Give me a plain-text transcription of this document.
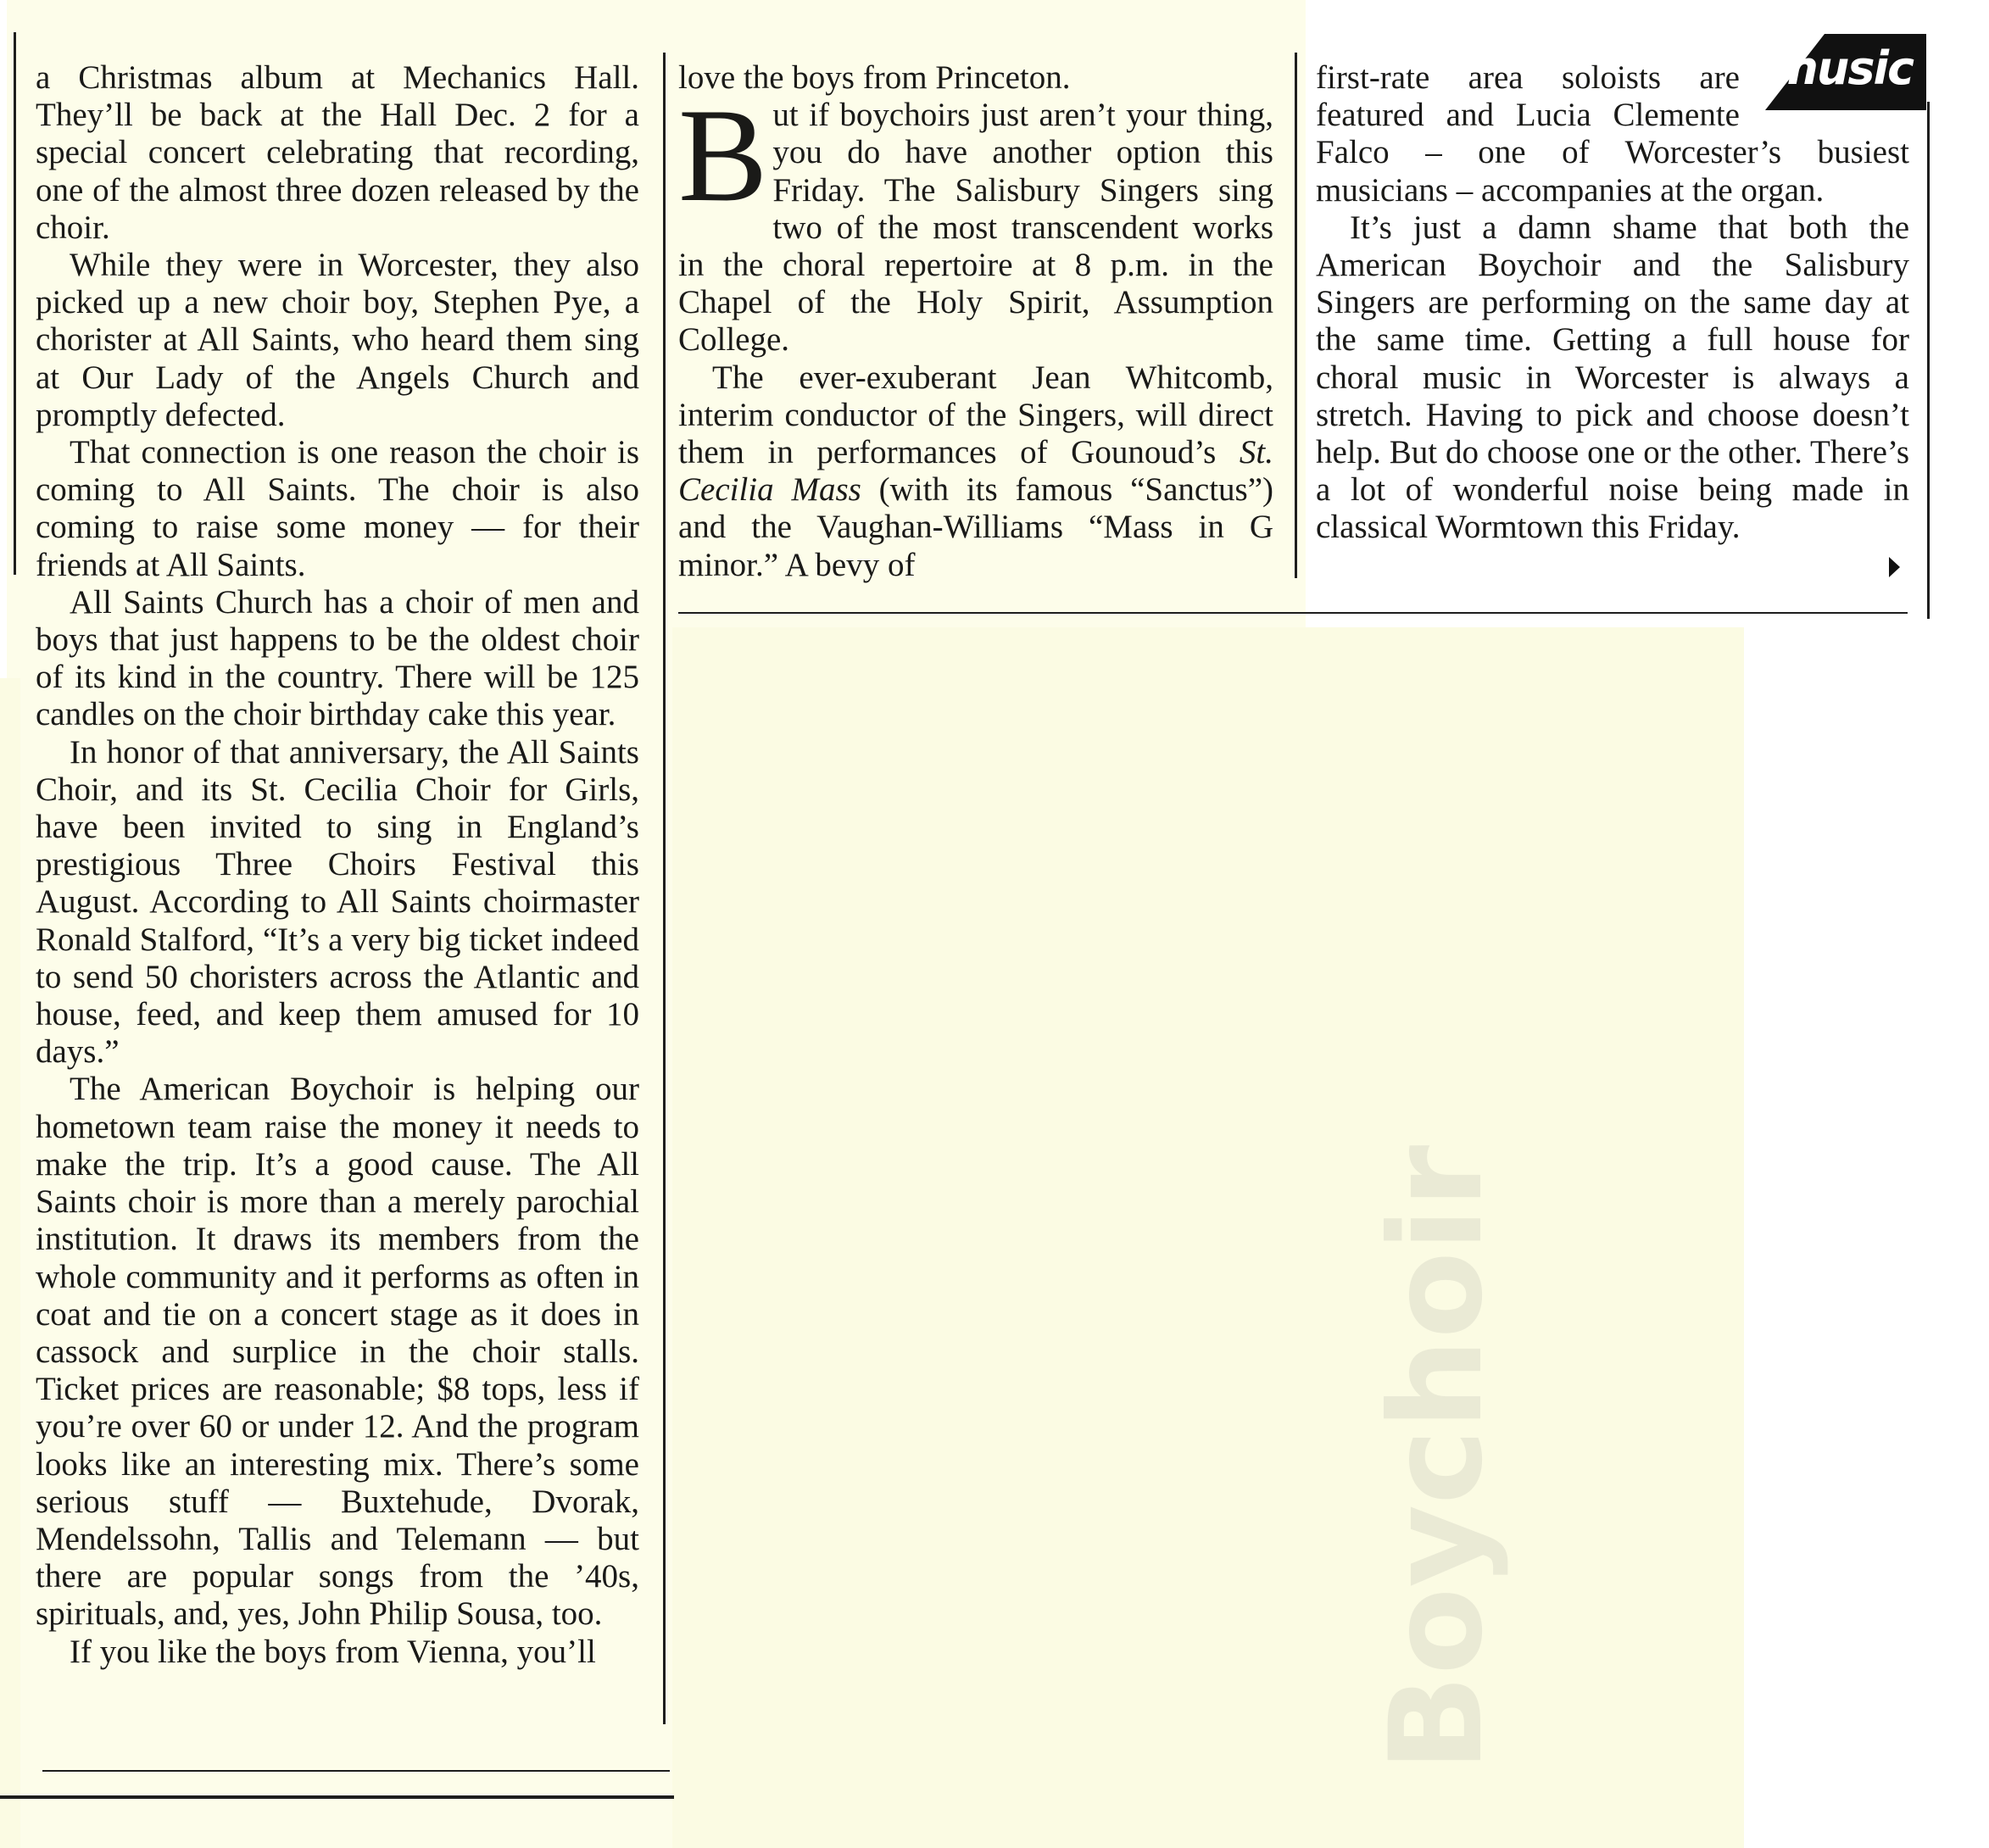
Boychoir
music

a Christmas album at Mechanics Hall. They’ll be back at the Hall Dec. 2 for a special concert celebrating that recording, one of the almost three dozen released by the choir.

While they were in Worcester, they also picked up a new choir boy, Stephen Pye, a chorister at All Saints, who heard them sing at Our Lady of the Angels Church and promptly defected.

That connection is one reason the choir is coming to All Saints. The choir is also coming to raise some money — for their friends at All Saints.

All Saints Church has a choir of men and boys that just happens to be the oldest choir of its kind in the country. There will be 125 candles on the choir birthday cake this year.

In honor of that anniversary, the All Saints Choir, and its St. Cecilia Choir for Girls, have been invited to sing in England’s prestigious Three Choirs Festival this August. According to All Saints choirmaster Ronald Stalford, “It’s a very big ticket indeed to send 50 choristers across the Atlantic and house, feed, and keep them amused for 10 days.”

The American Boychoir is helping our hometown team raise the money it needs to make the trip. It’s a good cause. The All Saints choir is more than a merely parochial institution. It draws its members from the whole community and it performs as often in coat and tie on a concert stage as it does in cassock and surplice in the choir stalls. Ticket prices are reasonable; $8 tops, less if you’re over 60 or under 12. And the program looks like an interesting mix. There’s some serious stuff — Buxtehude, Dvorak, Mendelssohn, Tallis and Telemann — but there are popular songs from the ’40s, spirituals, and, yes, John Philip Sousa, too.

If you like the boys from Vienna, you’ll

love the boys from Princeton.

But if boychoirs just aren’t your thing, you do have another option this Friday. The Salisbury Singers sing two of the most transcendent works in the choral repertoire at 8 p.m. in the Chapel of the Holy Spirit, Assumption College.

The ever-exuberant Jean Whitcomb, interim conductor of the Singers, will direct them in performances of Gounoud’s St. Cecilia Mass (with its famous “Sanctus”) and the Vaughan-Williams “Mass in G minor.” A bevy of

first-rate area soloists are featured and Lucia Clemente Falco – one of Worcester’s busiest musicians – accompanies at the organ.

It’s just a damn shame that both the American Boychoir and the Salisbury Singers are performing on the same day at the same time. Getting a full house for choral music in Worcester is always a stretch. Having to pick and choose doesn’t help. But do choose one or the other. There’s a lot of wonderful noise being made in classical Wormtown this Friday.
